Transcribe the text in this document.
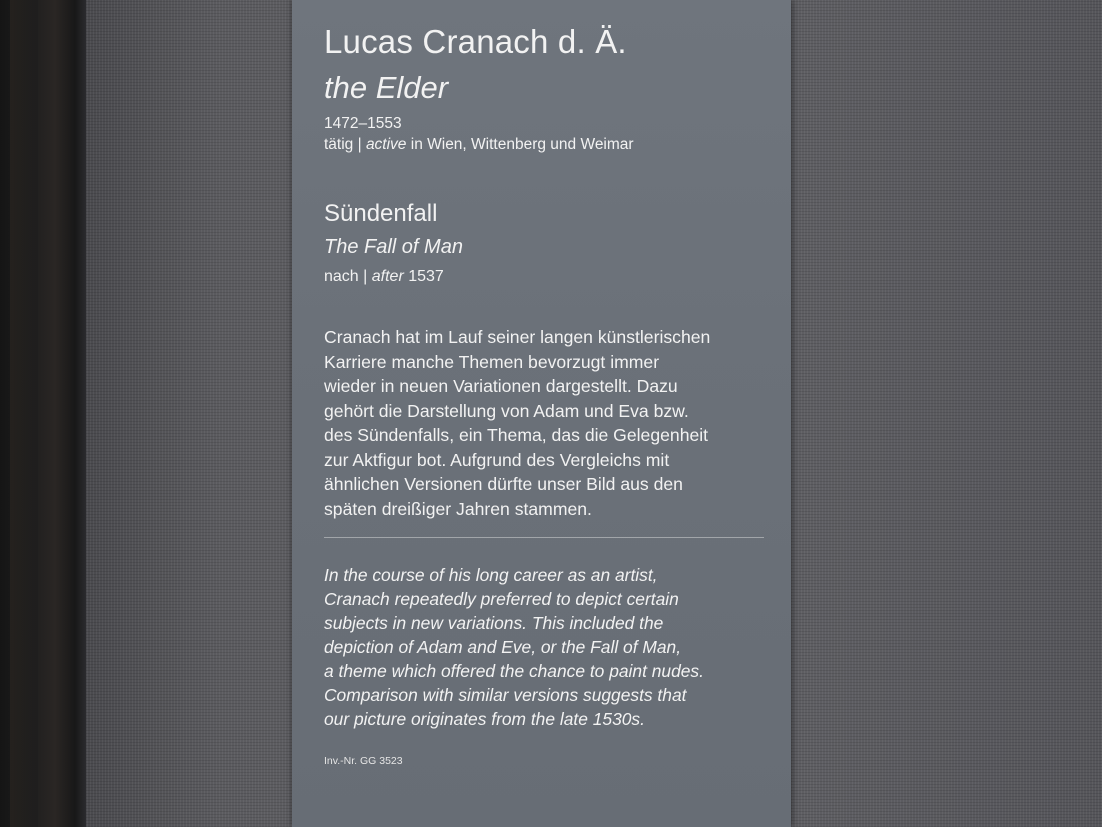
Lucas Cranach d. Ä.
the Elder
1472–1553
tätig | active in Wien, Wittenberg und Weimar
Sündenfall
The Fall of Man
nach | after 1537
Cranach hat im Lauf seiner langen künstlerischen
Karriere manche Themen bevorzugt immer
wieder in neuen Variationen dargestellt. Dazu
gehört die Darstellung von Adam und Eva bzw.
des Sündenfalls, ein Thema, das die Gelegenheit
zur Aktfigur bot. Aufgrund des Vergleichs mit
ähnlichen Versionen dürfte unser Bild aus den
späten dreißiger Jahren stammen.
In the course of his long career as an artist,
Cranach repeatedly preferred to depict certain
subjects in new variations. This included the
depiction of Adam and Eve, or the Fall of Man,
a theme which offered the chance to paint nudes.
Comparison with similar versions suggests that
our picture originates from the late 1530s.
Inv.-Nr. GG 3523
